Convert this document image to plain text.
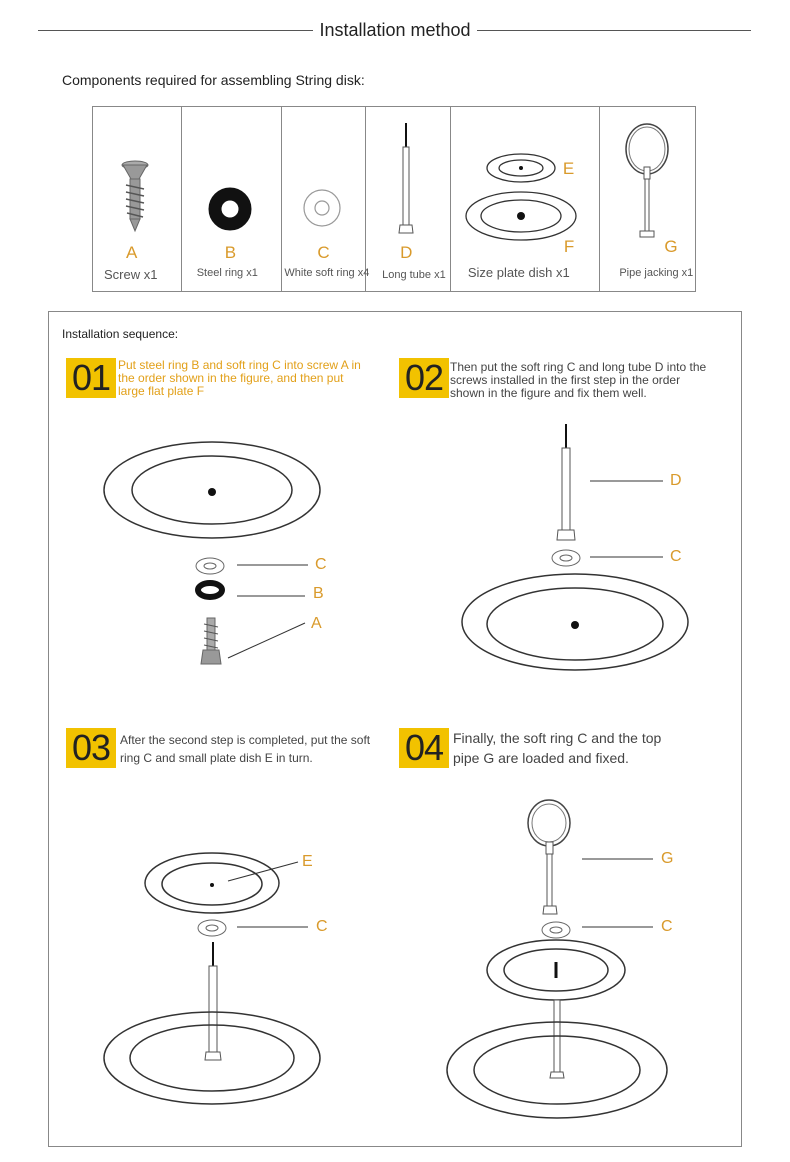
Installation method
Components required for assembling String disk:
A
Screw x1
B
Steel ring x1
C
White soft ring x4
D
Long tube x1
E
F
Size plate dish x1
G
Pipe jacking x1
Installation sequence:
01 Put steel ring B and soft ring C into screw A in the order shown in the figure, and then put large flat plate F	02 Then put the soft ring C and long tube D into the screws installed in the first step in the order shown in the figure and fix them well.
03 After the second step is completed, put the soft ring C and small plate dish E in turn.	04 Finally, the soft ring C and the top pipe G are loaded and fixed.
C
B
A
D
C
E
C
G
C
